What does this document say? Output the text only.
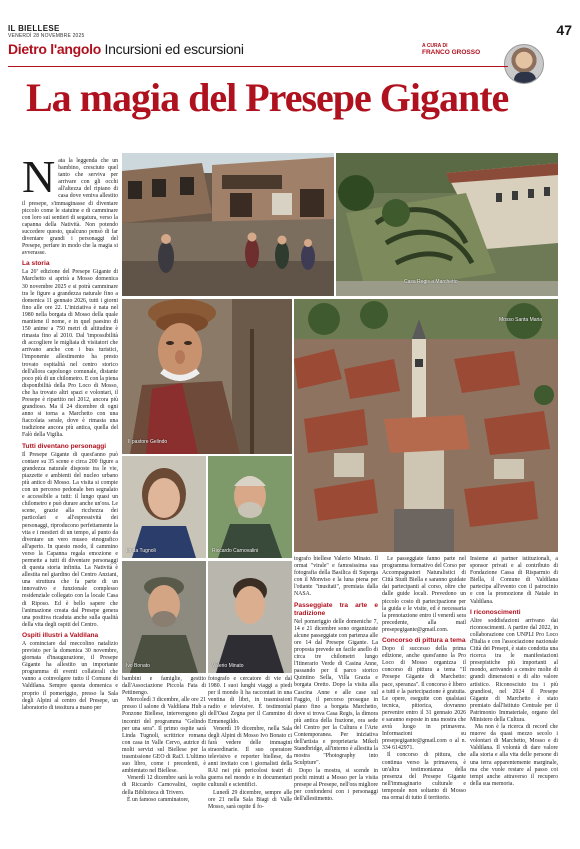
IL BIELLESE
VENERDÌ 28 NOVEMBRE 2025	47
Dietro l'angolo Incursioni ed escursioni	A CURA DI
FRANCO GROSSO
La magia del Presepe Gigante
Casa Regis a Marchetto
Mosso Santa Maria
Il pastore Gelindo
Linda Tugnoli	Riccardo Carnovalini
Ivo Bonato	Valerio Minato

Nata la leggenda che un bambino, cresciuto quel tanto che serviva per arrivare con gli occhi all'altezza del ripiano di casa dove veniva allestito il presepe, s'immaginasse di diventare piccolo come le statuine e di camminare con loro sui sentieri di segatura, verso la capanna della Natività. Non potendo succedere questo, qualcuno pensò di far diventare grandi i personaggi del Presepe, perfare in modo che la magia si avverasse.

La storia

La 26ª edizione del Presepe Gigante di Marchetto si aprirà a Mosso domenica 30 novembre 2025 e si potrà camminare tra le figure a grandezza naturale fino a domenica 11 gennaio 2026, tutti i giorni fino alle ore 22. L'iniziativa è nata nel 1980 nella borgata di Mosso della quale mantiene il nome, e in quel paesino di 150 anime a 750 metri di altitudine è rimasta fino al 2010. Dal 'impossibilità di accogliere le migliaia di visitatori che arrivano anche con i bus turistici, l'imponente allestimento ha presto trovato ospitalità nel centro storico dell'allora capoluogo comunale, distante poco più di un chilometro. E con la piena disponibilità della Pro Loco di Mosso, che ha trovato altri spazi e volontari, il Presepe è ripartito nel 2012, ancora più grandioso. Ma il 24 dicembre di ogni anno si torna a Marchetto con una fiaccolata serale, dove è rimasta una tradizione ancora più antica, quella del Falò della Vigilia.

Tutti diventano personaggi

Il Presepe Gigante di quest'anno può contare su 35 scene e circa 200 figure a grandezza naturale disposte tra le vie, piazzette e ambienti del nucleo urbano più antico di Mosso. La visita si compie con un percorso pedonale ben segnalato e accessibile a tutti: il lungo quasi un chilometro e può durare anche un'ora. Le scene, grazie alla ricchezza dei particolari e all'espressività dei personaggi, riproducono perfettamente la vita e i mestieri di un tempo, al punto da diventare un vero museo etnografico all'aperto. In questo modo, il cammino verso la Capanna regala emozione e permette a tutti di diventare personaggi di questa storia infinita. La Natività è allestita nel giardino del Centro Anziani, una struttura che fa parte di un innovativo e funzionale complesso residenziale collegato con la locale Casa di Riposo. Ed è bello sapere che l'animazione creata dal Presepe genera una positiva ricaduta anche sulla qualità della vita degli ospiti del Centro.

Ospiti illustri a Valdilana

A cominciare dal meccolino natalizio previsto per la domenica 30 novembre, giornata d'inaugurazione, il Presepe Gigante ha allestito un importante programma di eventi collaterali che vanno a coinvolgere tutto il Comune di Valdilana. Sempre questa domenica e proprio il pomeriggio, presso la Sala degli Alpini al centro del Presepe, un laboratorio di tessitura a mano per

bambini e famiglie, gestito dall'Associazione Piccola Fata di Pettinengo.

Mercoledì 3 dicembre, alle ore 21 presso il salone di Valdilana Hub a Ponzone Biellese, intervengono gli incontri del programma "Gelindo per una sera". Il primo ospite sarà Linda Tugnoli, scrittrice romana con casa in Valle Cervo, autrice di molti servizi sul Biellese per la trasmissione GEO di Rai3. L'ultimo suo libro, come i precedenti, è ambientato nel Biellese.

Venerdì 12 dicembre sarà la volta di Riccardo Carnovalini, ospite della Biblioteca di Trivero.

È un famoso camminatore,

fotografo e cercatore di vie dal 1980. I suoi lunghi viaggi a piedi per il mondo li ha raccontati in una ventina di libri, in trasmissioni radio e televisive. È testimonial dell'Oasi Zegna per il Cammino di Ermenegildo.

Venerdì 19 dicembre, nella Sala degli Alpini di Mosso Ivo Bonato ci farà vedere delle immagini straordinarie. Il suo operatore televisivo e reporter biellese, da anni invitato con i giornalisti della RAI nei più pericolosi teatri di guerra nel mondo e in documentari culturali e scientifici.

Lunedì 29 dicembre, sempre alle ore 21 nella Sala Biagi di Valle Mosso, sarà ospite il fo-

tografo biellese Valerio Minato. Il ormai "virale" e famosissima sua fotografia della Basilica di Superga con il Monviso e la luna piena per l'ottante "inusitati", premiata dalla NASA.

Passeggiate tra arte e tradizione

Nel pomeriggio delle domeniche 7, 14 e 21 dicembre sono organizzate alcune passeggiate con partenza alle ore 14 dal Presepe Gigante. La proposta prevede un facile anello di circa tre chilometri lungo l'Itinerario Verde di Casina Anne, passando per il parco storico Quintino Sella, Villa Grazia e borgata Oretto. Dopo la visita alla Cascina Anne e alle case sul Faggio, il percorso prosegue in piano fino a borgata Marchetto, dove si trova Casa Regis, la dimora più antica della frazione, ora sede del Centro per la Cultura e l'Arte Contemporanea. Per iniziativa dell'artista e proprietaria Mikeli Standbridge, all'interno è allestita la mostra "Photography into Sculpture".

Dopo la mostra, si scende in pochi minuti a Mosso per la visita presepe al Presepe, nell'ora migliore per confondersi con i personaggi dell'allestimento.

Le passeggiate fanno parte nel programma formativo del Corso per Accompagnatori Naturalistici di Città Studi Biella e saranno guidate dai partecipanti al corso, oltre che dalle guide locali. Prevedono un piccolo costo di partecipazione per la guida e le visite, ed è necessaria la prenotazione entro il venerdì sera precedente, alla mail presepegigante@gmail.com.

Concorso di pittura a tema

Dopo il successo della prima edizione, anche quest'anno la Pro Loco di Mosso organizza il concorso di pittura a tema "Il Presepe Gigante di Marchetto: pace, speranza". Il concorso è libero a tutti e la partecipazione è gratuita. Le opere, eseguite con qualsiasi tecnica, pittorica, dovranno pervenire entro il 31 gennaio 2026 e saranno esposte in una mostra che avrà luogo in primavera. Informazioni su presepegigante@gmail.com o al n. 334 6142971.

Il concorso di pittura, che continua verso la primavera, è un'altra testimonianza della presenza del Presepe Gigante nell'immaginario culturale e temporale non soltanto di Mosso ma ormai di tutto il territorio.

Insieme ai partner istituzionali, a sponsor privati e al contributo di Fondazione Cassa di Risparmio di Biella, il Comune di Valdilana partecipa all'evento con il patrocinio e con la promozione di Natale in Valdilana.

I riconoscimenti

Altre soddisfazioni arrivano dai riconoscimenti. A partire dal 2022, in collaborazione con UNPLI Pro Loco d'Italia e con l'associazione nazionale Città dei Presepi, è stato condotta una ricerca tra le manifestazioni presepistiche più importanti al mondo, arrivando a censire molte di grandi dimensioni e di alto valore artistico. Riconosciuto tra i più grandiosi, nel 2024 il Presepe Gigante di Marchetto è stato premiato dall'Istituto Centrale per il Patrimonio Immateriale, organo del Ministero della Cultura.

Ma non è la ricerca di record che muove da quasi mezzo secolo i volontari di Marchetto, Mosso e di Valdilana. Il volontà di dare valore alla storia e alla vita delle persone di una terra apparentemente marginale, ma che vuole restare al passo coi tempi anche attraverso il recupero della sua memoria.
